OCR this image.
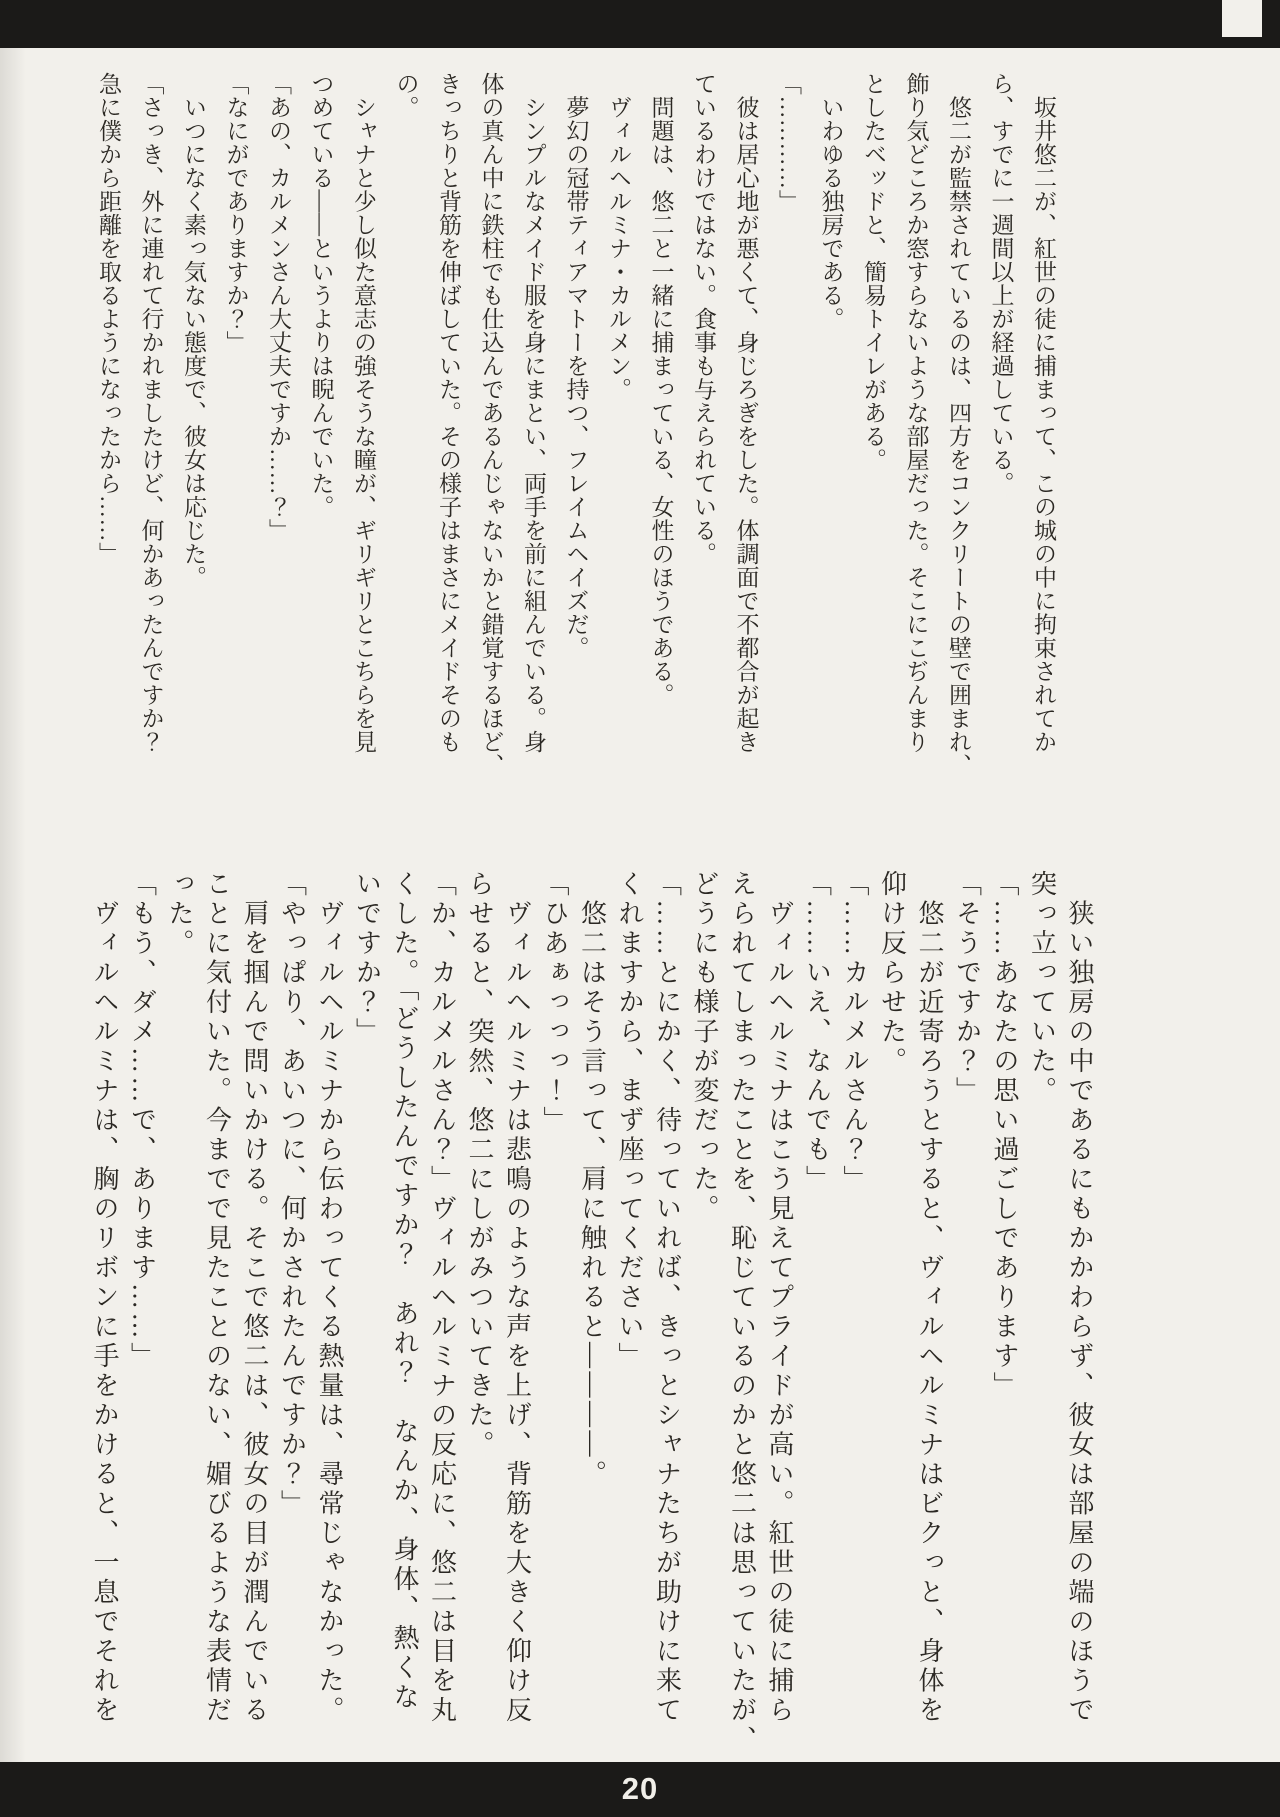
　坂井悠二が、紅世の徒に捕まって、この城の中に拘束されてか
ら、すでに一週間以上が経過している。
　悠二が監禁されているのは、四方をコンクリートの壁で囲まれ、
飾り気どころか窓すらないような部屋だった。そこにこぢんまり
としたベッドと、簡易トイレがある。
　いわゆる独房である。
「…………」
　彼は居心地が悪くて、身じろぎをした。体調面で不都合が起き
ているわけではない。食事も与えられている。
　問題は、悠二と一緒に捕まっている、女性のほうである。
　ヴィルヘルミナ・カルメン。
　夢幻の冠帯ティアマトーを持つ、フレイムヘイズだ。
　シンプルなメイド服を身にまとい、両手を前に組んでいる。身
体の真ん中に鉄柱でも仕込んであるんじゃないかと錯覚するほど、
きっちりと背筋を伸ばしていた。その様子はまさにメイドそのも
の。
　シャナと少し似た意志の強そうな瞳が、ギリギリとこちらを見
つめている――というよりは睨んでいた。
「あの、カルメンさん大丈夫ですか……？」
「なにがでありますか？」
　いつになく素っ気ない態度で、彼女は応じた。
「さっき、外に連れて行かれましたけど、何かあったんですか？
急に僕から距離を取るようになったから……」
　狭い独房の中であるにもかかわらず、彼女は部屋の端のほうで
突っ立っていた。
「……あなたの思い過ごしであります」
「そうですか？」
　悠二が近寄ろうとすると、ヴィルヘルミナはビクっと、身体を
仰け反らせた。
「……カルメルさん？」
「……いえ、なんでも」
　ヴィルヘルミナはこう見えてプライドが高い。紅世の徒に捕ら
えられてしまったことを、恥じているのかと悠二は思っていたが、
どうにも様子が変だった。
「……とにかく、待っていれば、きっとシャナたちが助けに来て
くれますから、まず座ってください」
　悠二はそう言って、肩に触れると――――。
「ひあぁっっっ！」
　ヴィルヘルミナは悲鳴のような声を上げ、背筋を大きく仰け反
らせると、突然、悠二にしがみついてきた。
「か、カルメルさん？」ヴィルヘルミナの反応に、悠二は目を丸
くした。「どうしたんですか？　あれ？　なんか、身体、熱くな
いですか？」
　ヴィルヘルミナから伝わってくる熱量は、尋常じゃなかった。
「やっぱり、あいつに、何かされたんですか？」
　肩を掴んで問いかける。そこで悠二は、彼女の目が潤んでいる
ことに気付いた。今までで見たことのない、媚びるような表情だ
った。
「もう、ダメ……で、あります……」
　ヴィルヘルミナは、胸のリボンに手をかけると、一息でそれを
20
